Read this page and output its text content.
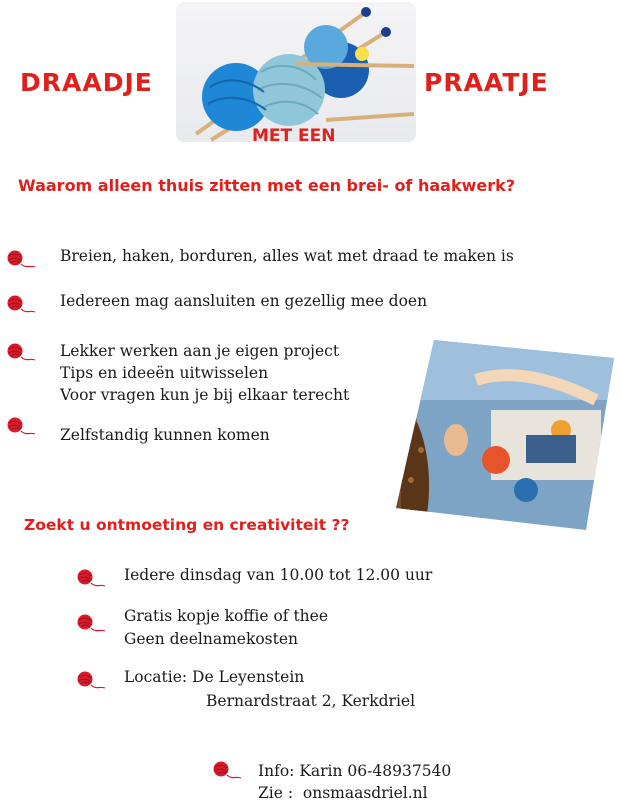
DRAADJE	PRAATJE
MET EEN
Waarom alleen thuis zitten met een brei- of haakwerk?
Breien, haken, borduren, alles wat met draad te maken is
Iedereen mag aansluiten en gezellig mee doen
Lekker werken aan je eigen project
Tips en ideeën uitwisselen
Voor vragen kun je bij elkaar terecht
Zelfstandig kunnen komen
Zoekt u ontmoeting en creativiteit ??
Iedere dinsdag van 10.00 tot 12.00 uur
Gratis kopje koffie of thee
Geen deelnamekosten
Locatie: De Leyenstein
Bernardstraat 2, Kerkdriel
Info: Karin 06-48937540
Zie :  onsmaasdriel.nl
